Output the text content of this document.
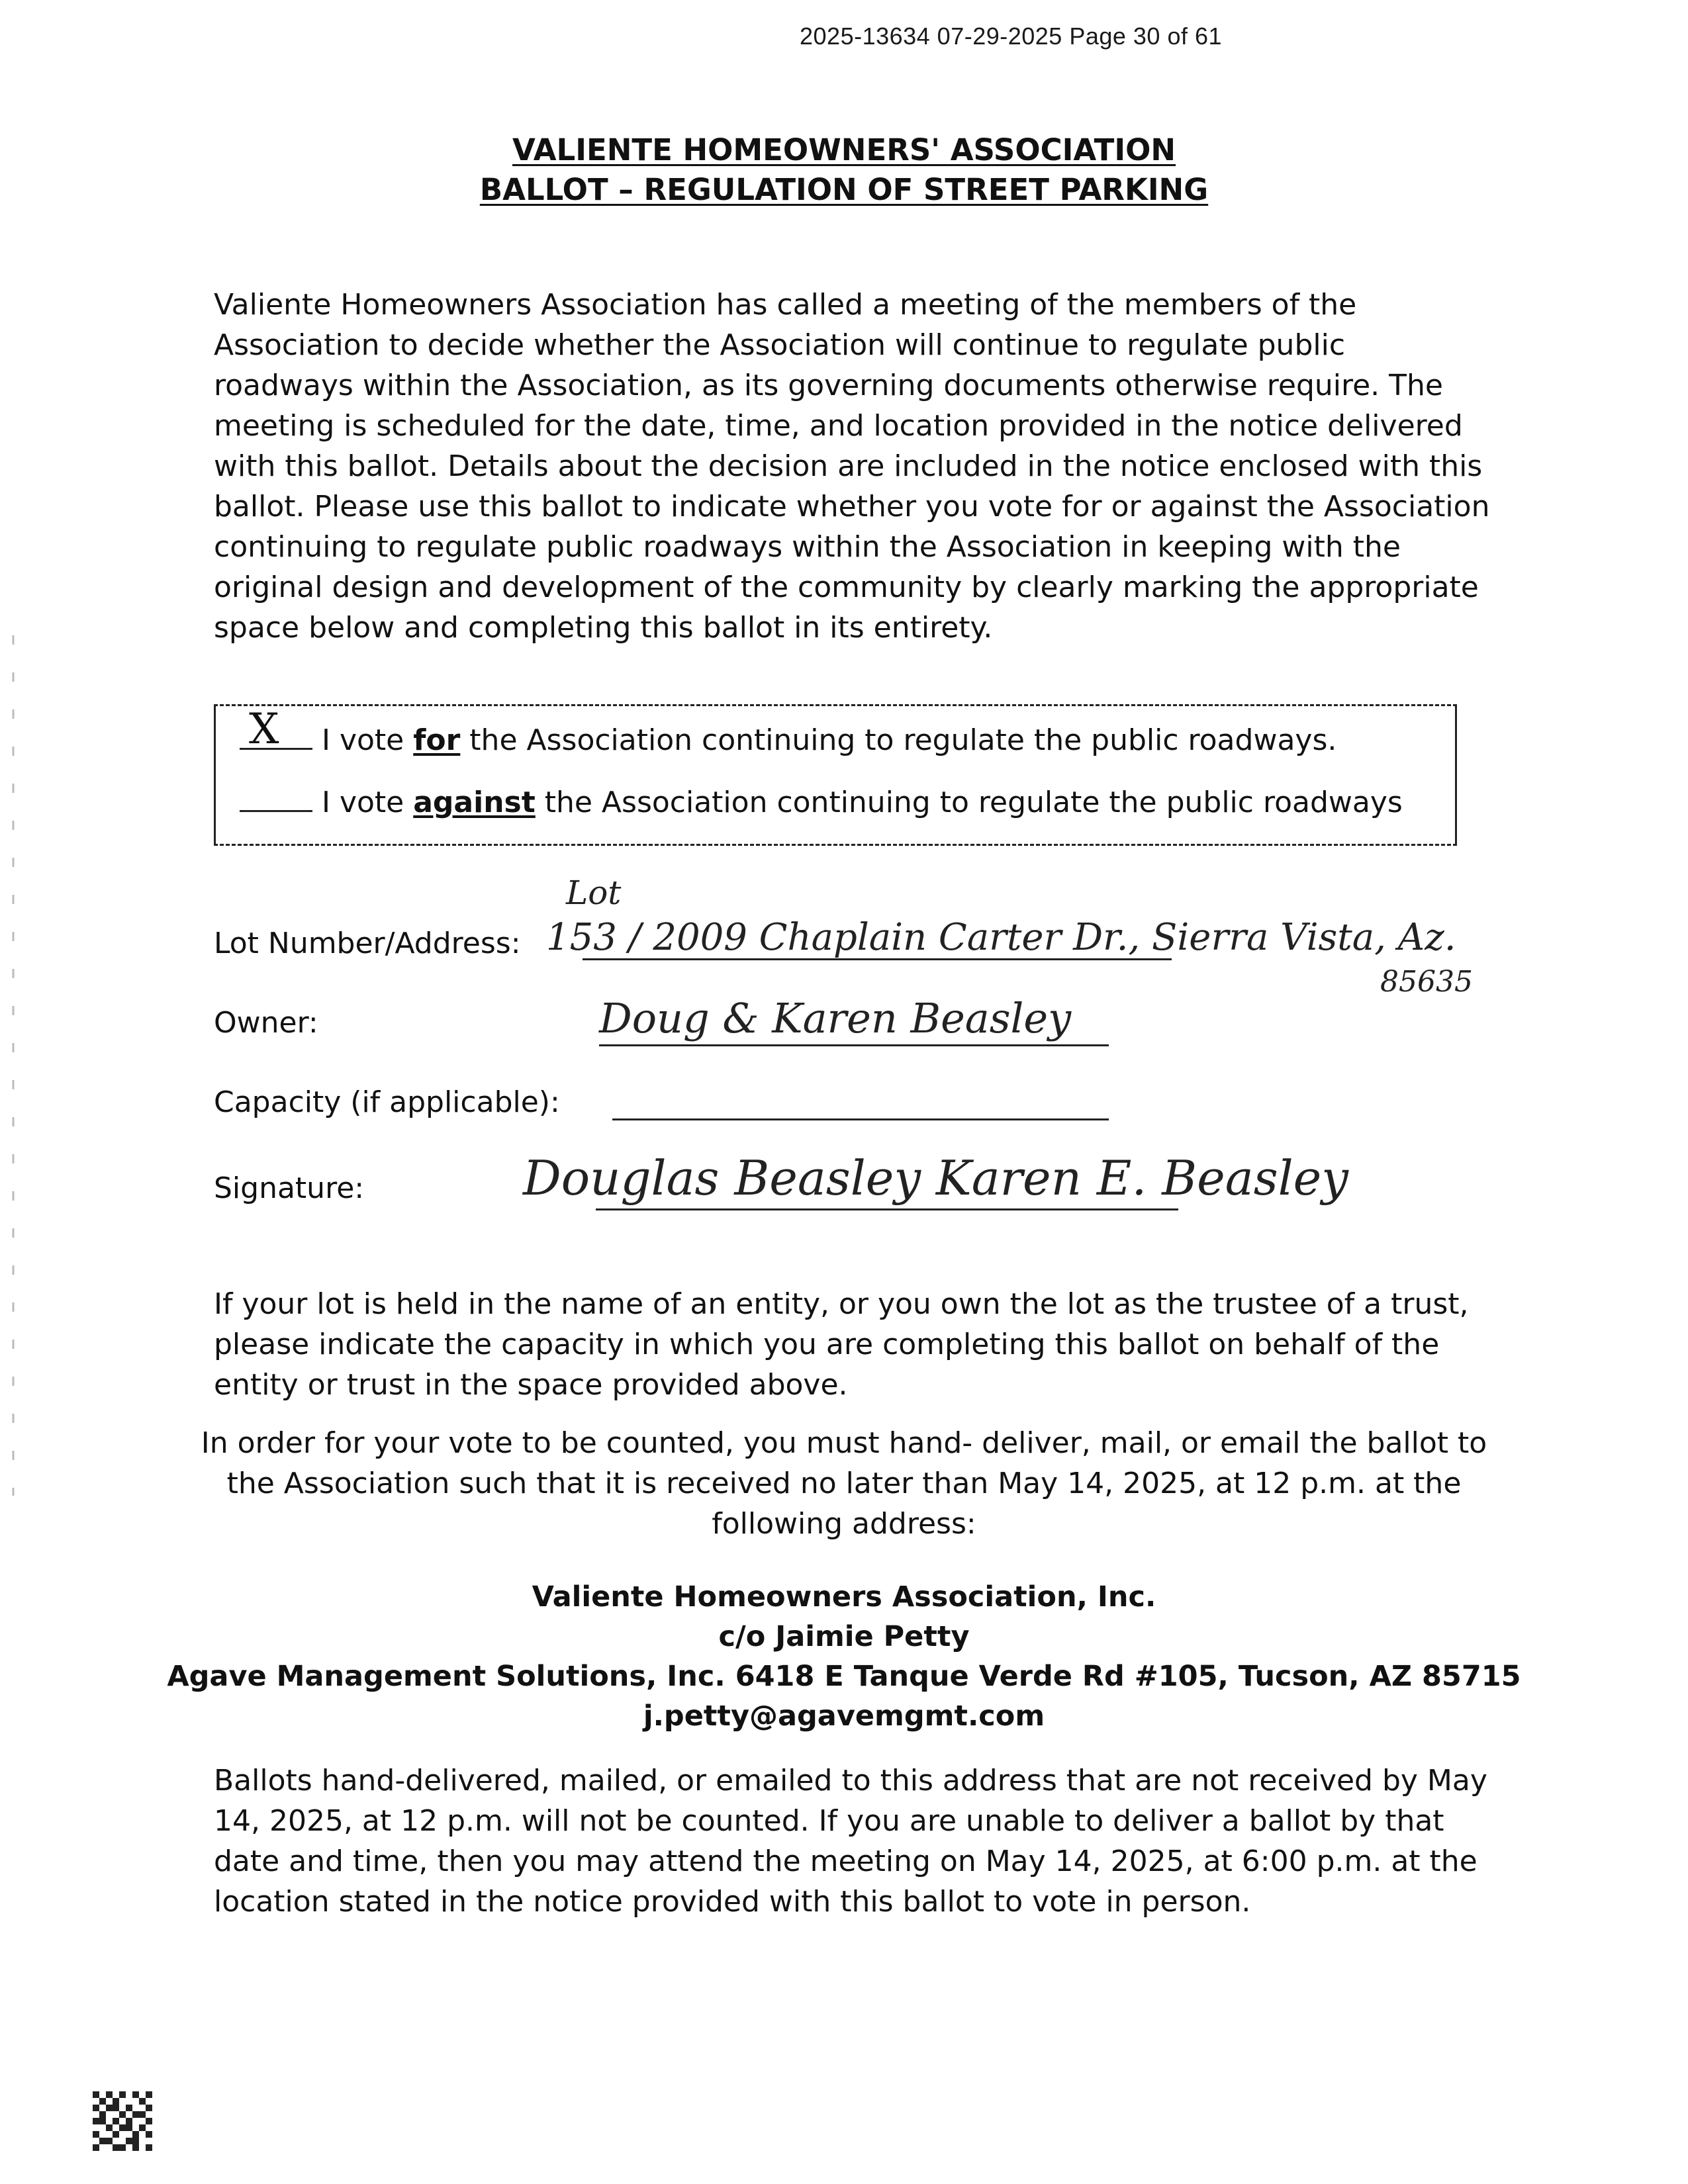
2025-13634 07-29-2025 Page 30 of 61
VALIENTE HOMEOWNERS' ASSOCIATION
BALLOT – REGULATION OF STREET PARKING
Valiente Homeowners Association has called a meeting of the members of the
Association to decide whether the Association will continue to regulate public
roadways within the Association, as its governing documents otherwise require. The
meeting is scheduled for the date, time, and location provided in the notice delivered
with this ballot. Details about the decision are included in the notice enclosed with this
ballot. Please use this ballot to indicate whether you vote for or against the Association
continuing to regulate public roadways within the Association in keeping with the
original design and development of the community by clearly marking the appropriate
space below and completing this ballot in its entirety.
X I vote for the Association continuing to regulate the public roadways.
I vote against the Association continuing to regulate the public roadways
Lot Number/Address:
Lot
153 / 2009 Chaplain Carter Dr., Sierra Vista, Az.
85635
Owner:	Doug & Karen Beasley
Capacity (if applicable):
Signature:	Douglas Beasley Karen E. Beasley
If your lot is held in the name of an entity, or you own the lot as the trustee of a trust,
please indicate the capacity in which you are completing this ballot on behalf of the
entity or trust in the space provided above.
In order for your vote to be counted, you must hand- deliver, mail, or email the ballot to
the Association such that it is received no later than May 14, 2025, at 12 p.m. at the
following address:
Valiente Homeowners Association, Inc.
c/o Jaimie Petty
Agave Management Solutions, Inc. 6418 E Tanque Verde Rd #105, Tucson, AZ 85715
j.petty@agavemgmt.com
Ballots hand-delivered, mailed, or emailed to this address that are not received by May
14, 2025, at 12 p.m. will not be counted. If you are unable to deliver a ballot by that
date and time, then you may attend the meeting on May 14, 2025, at 6:00 p.m. at the
location stated in the notice provided with this ballot to vote in person.
